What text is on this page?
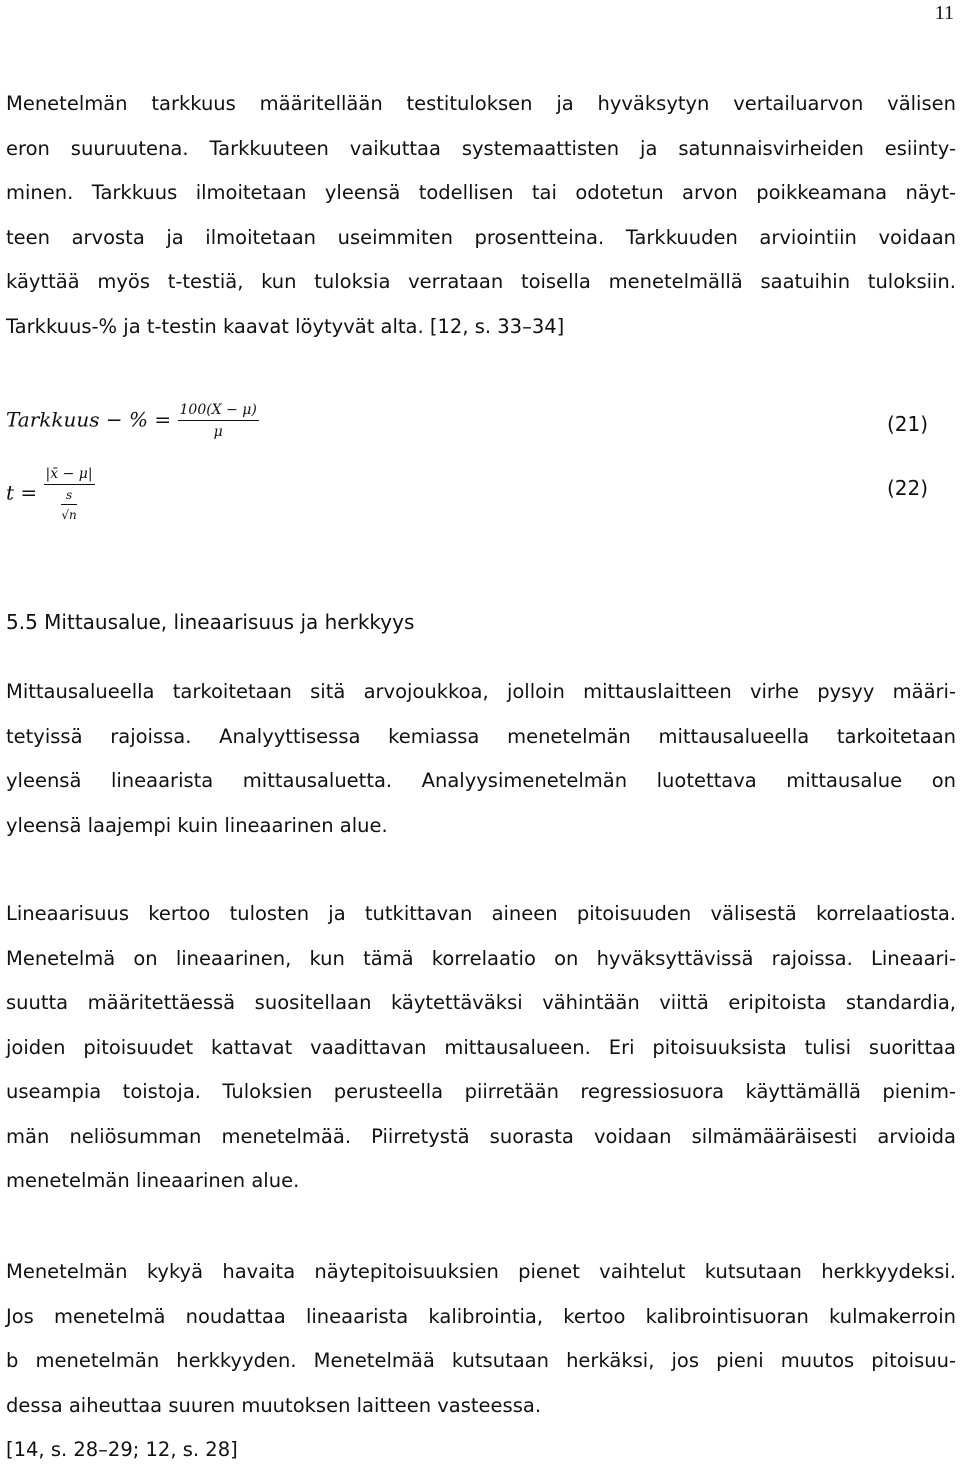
11

Menetelmän tarkkuus määritellään testituloksen ja hyväksytyn vertailuarvon välisen
eron suuruutena. Tarkkuuteen vaikuttaa systemaattisten ja satunnaisvirheiden esiinty-
minen. Tarkkuus ilmoitetaan yleensä todellisen tai odotetun arvon poikkeamana näyt-
teen arvosta ja ilmoitetaan useimmiten prosentteina. Tarkkuuden arviointiin voidaan
käyttää myös t-testiä, kun tuloksia verrataan toisella menetelmällä saatuihin tuloksiin.
Tarkkuus-% ja t-testin kaavat löytyvät alta. [12, s. 33–34]

Tarkkuus − % = $\frac{100(X - \mu)}{\mu}$	(21)
$t = \frac{|x̄ - \mu|}{\frac{s}{√n}}$	(22)
5.5 Mittausalue, lineaarisuus ja herkkyys

Mittausalueella tarkoitetaan sitä arvojoukkoa, jolloin mittauslaitteen virhe pysyy määri-
tetyissä rajoissa. Analyyttisessa kemiassa menetelmän mittausalueella tarkoitetaan
yleensä lineaarista mittausaluetta. Analyysimenetelmän luotettava mittausalue on
yleensä laajempi kuin lineaarinen alue.

Lineaarisuus kertoo tulosten ja tutkittavan aineen pitoisuuden välisestä korrelaatiosta.
Menetelmä on lineaarinen, kun tämä korrelaatio on hyväksyttävissä rajoissa. Lineaari-
suutta määritettäessä suositellaan käytettäväksi vähintään viittä eripitoista standardia,
joiden pitoisuudet kattavat vaadittavan mittausalueen. Eri pitoisuuksista tulisi suorittaa
useampia toistoja. Tuloksien perusteella piirretään regressiosuora käyttämällä pienim-
män neliösumman menetelmää. Piirretystä suorasta voidaan silmämääräisesti arvioida
menetelmän lineaarinen alue.

Menetelmän kykyä havaita näytepitoisuuksien pienet vaihtelut kutsutaan herkkyydeksi.
Jos menetelmä noudattaa lineaarista kalibrointia, kertoo kalibrointisuoran kulmakerroin
b menetelmän herkkyyden. Menetelmää kutsutaan herkäksi, jos pieni muutos pitoisuu-
dessa aiheuttaa suuren muutoksen laitteen vasteessa.
[14, s. 28–29; 12, s. 28]
